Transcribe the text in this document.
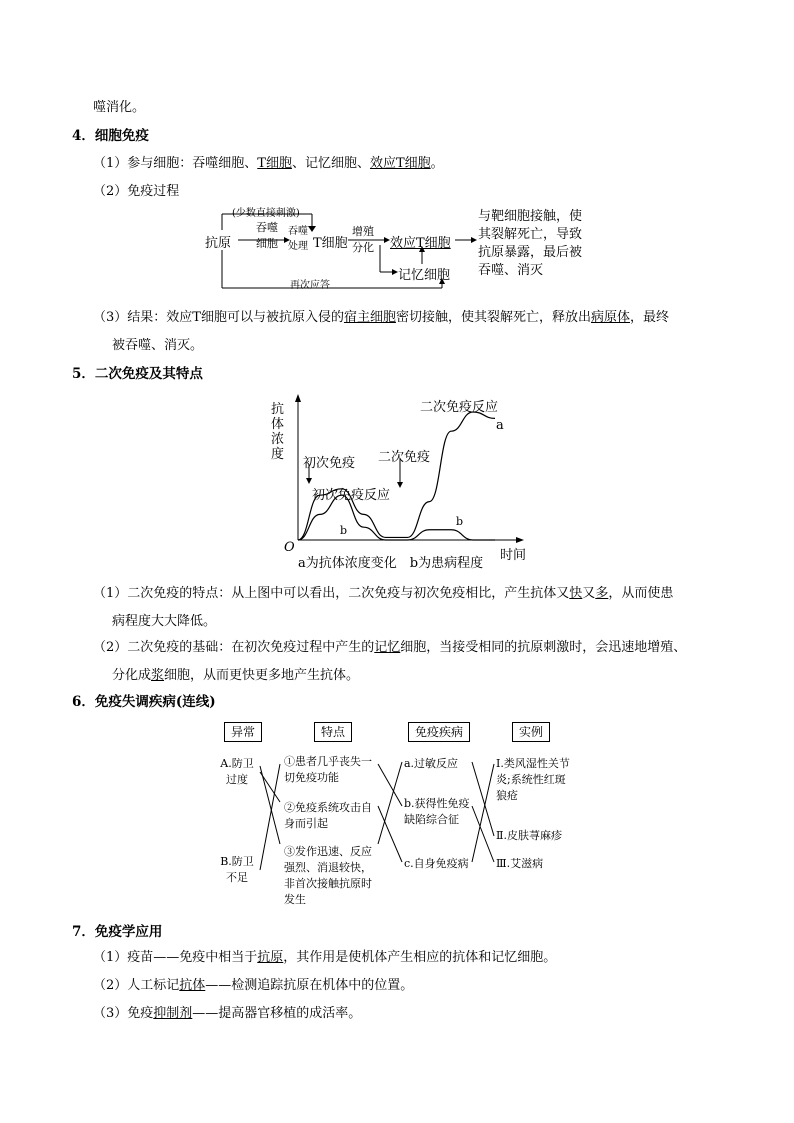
噬消化。
4．细胞免疫
（1）参与细胞：吞噬细胞、T细胞、记忆细胞、效应T细胞。
（2）免疫过程
(少数直接刺激)
抗原
吞噬细胞
吞噬处理 T细胞
增殖分化	效应T细胞
记忆细胞
再次应答
与靶细胞接触，使其裂解死亡，导致抗原暴露，最后被吞噬、消灭
（3）结果：效应T细胞可以与被抗原入侵的宿主细胞密切接触，使其裂解死亡，释放出病原体，最终
被吞噬、消灭。
5．二次免疫及其特点
抗体浓度
初次免疫
初次免疫反应
二次免疫
二次免疫反应
a
b
b
O
a为抗体浓度变化　b为患病程度
时间
（1）二次免疫的特点：从上图中可以看出，二次免疫与初次免疫相比，产生抗体又快又多，从而使患
病程度大大降低。
（2）二次免疫的基础：在初次免疫过程中产生的记忆细胞，当接受相同的抗原刺激时，会迅速地增殖、
分化成浆细胞，从而更快更多地产生抗体。
6．免疫失调疾病(连线)
异常	特点	免疫疾病	实例
A.防卫过度
B.防卫不足
①患者几乎丧失一切免疫功能
②免疫系统攻击自身而引起
③发作迅速、反应强烈、消退较快，非首次接触抗原时发生
a.过敏反应
b.获得性免疫缺陷综合征
c.自身免疫病
Ⅰ.类风湿性关节炎;系统性红斑狼疮
Ⅱ.皮肤荨麻疹
Ⅲ.艾滋病
7．免疫学应用
（1）疫苗——免疫中相当于抗原，其作用是使机体产生相应的抗体和记忆细胞。
（2）人工标记抗体——检测追踪抗原在机体中的位置。
（3）免疫抑制剂——提高器官移植的成活率。
